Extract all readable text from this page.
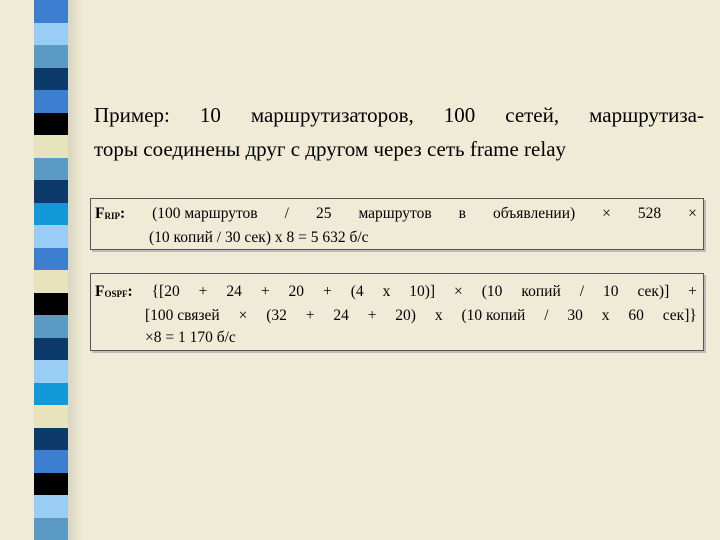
Пример: 10 маршрутизаторов, 100 сетей, маршрутиза-
торы соединены друг с другом через сеть frame relay
$F_{RIP}$: (100 маршрутов / 25 маршрутов в объявлении) × 528 ×
(10 копий / 30 сек) x 8 = 5 632 б/с
$F_{OSPF}$: {[20 + 24 + 20 + (4 x 10)] × (10 копий / 10 сек)] +
[100 связей × (32 + 24 + 20) x (10 копий / 30 x 60 сек]}
×8 = 1 170 б/с
